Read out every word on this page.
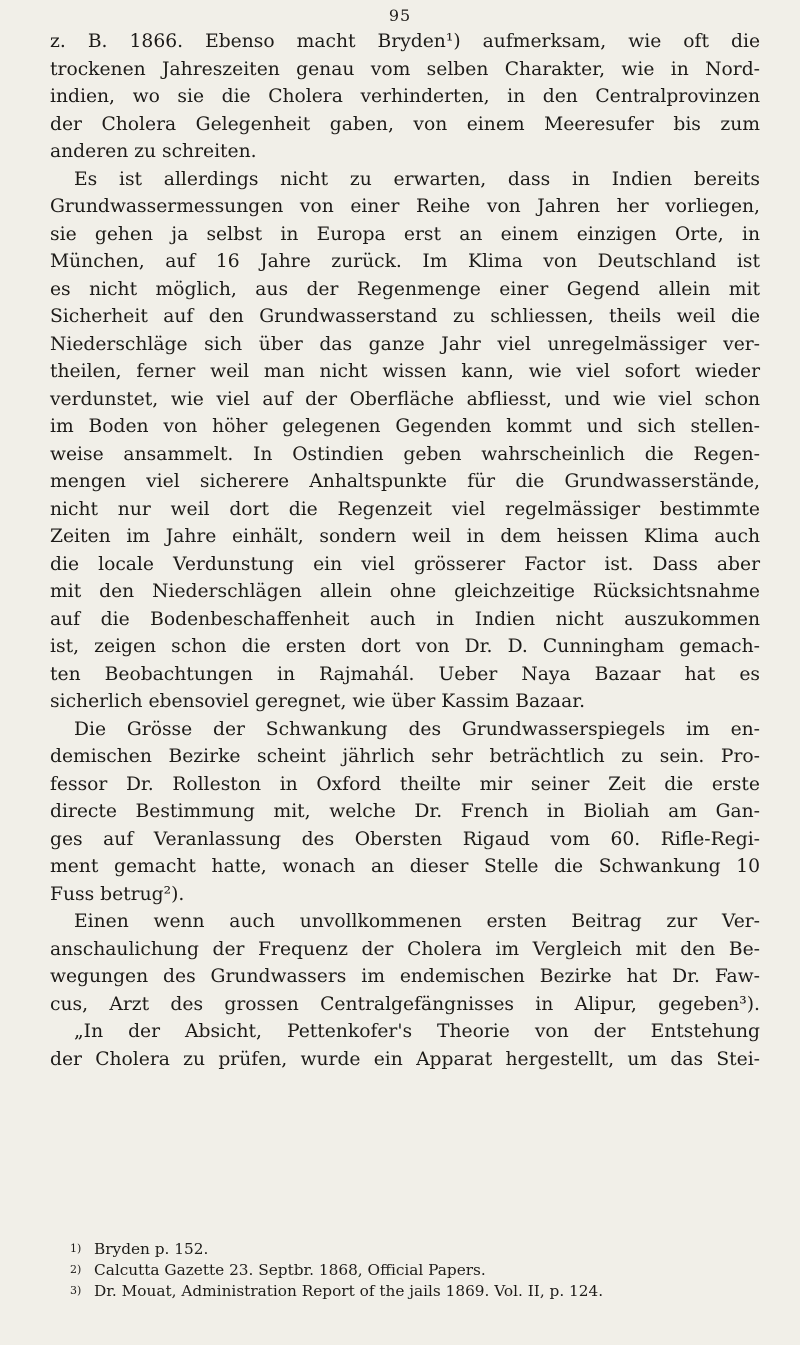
95
z. B. 1866. Ebenso macht Bryden¹) aufmerksam, wie oft die
trockenen Jahreszeiten genau vom selben Charakter, wie in Nord-
indien, wo sie die Cholera verhinderten, in den Centralprovinzen
der Cholera Gelegenheit gaben, von einem Meeresufer bis zum
anderen zu schreiten.
Es ist allerdings nicht zu erwarten, dass in Indien bereits
Grundwassermessungen von einer Reihe von Jahren her vorliegen,
sie gehen ja selbst in Europa erst an einem einzigen Orte, in
München, auf 16 Jahre zurück. Im Klima von Deutschland ist
es nicht möglich, aus der Regenmenge einer Gegend allein mit
Sicherheit auf den Grundwasserstand zu schliessen, theils weil die
Niederschläge sich über das ganze Jahr viel unregelmässiger ver-
theilen, ferner weil man nicht wissen kann, wie viel sofort wieder
verdunstet, wie viel auf der Oberfläche abfliesst, und wie viel schon
im Boden von höher gelegenen Gegenden kommt und sich stellen-
weise ansammelt. In Ostindien geben wahrscheinlich die Regen-
mengen viel sicherere Anhaltspunkte für die Grundwasserstände,
nicht nur weil dort die Regenzeit viel regelmässiger bestimmte
Zeiten im Jahre einhält, sondern weil in dem heissen Klima auch
die locale Verdunstung ein viel grösserer Factor ist. Dass aber
mit den Niederschlägen allein ohne gleichzeitige Rücksichtsnahme
auf die Bodenbeschaffenheit auch in Indien nicht auszukommen
ist, zeigen schon die ersten dort von Dr. D. Cunningham gemach-
ten Beobachtungen in Rajmahál. Ueber Naya Bazaar hat es
sicherlich ebensoviel geregnet, wie über Kassim Bazaar.
Die Grösse der Schwankung des Grundwasserspiegels im en-
demischen Bezirke scheint jährlich sehr beträchtlich zu sein. Pro-
fessor Dr. Rolleston in Oxford theilte mir seiner Zeit die erste
directe Bestimmung mit, welche Dr. French in Bioliah am Gan-
ges auf Veranlassung des Obersten Rigaud vom 60. Rifle-Regi-
ment gemacht hatte, wonach an dieser Stelle die Schwankung 10
Fuss betrug²).
Einen wenn auch unvollkommenen ersten Beitrag zur Ver-
anschaulichung der Frequenz der Cholera im Vergleich mit den Be-
wegungen des Grundwassers im endemischen Bezirke hat Dr. Faw-
cus, Arzt des grossen Centralgefängnisses in Alipur, gegeben³).
„In der Absicht, Pettenkofer's Theorie von der Entstehung
der Cholera zu prüfen, wurde ein Apparat hergestellt, um das Stei-
1) Bryden p. 152.
2) Calcutta Gazette 23. Septbr. 1868, Official Papers.
3) Dr. Mouat, Administration Report of the jails 1869. Vol. II, p. 124.
